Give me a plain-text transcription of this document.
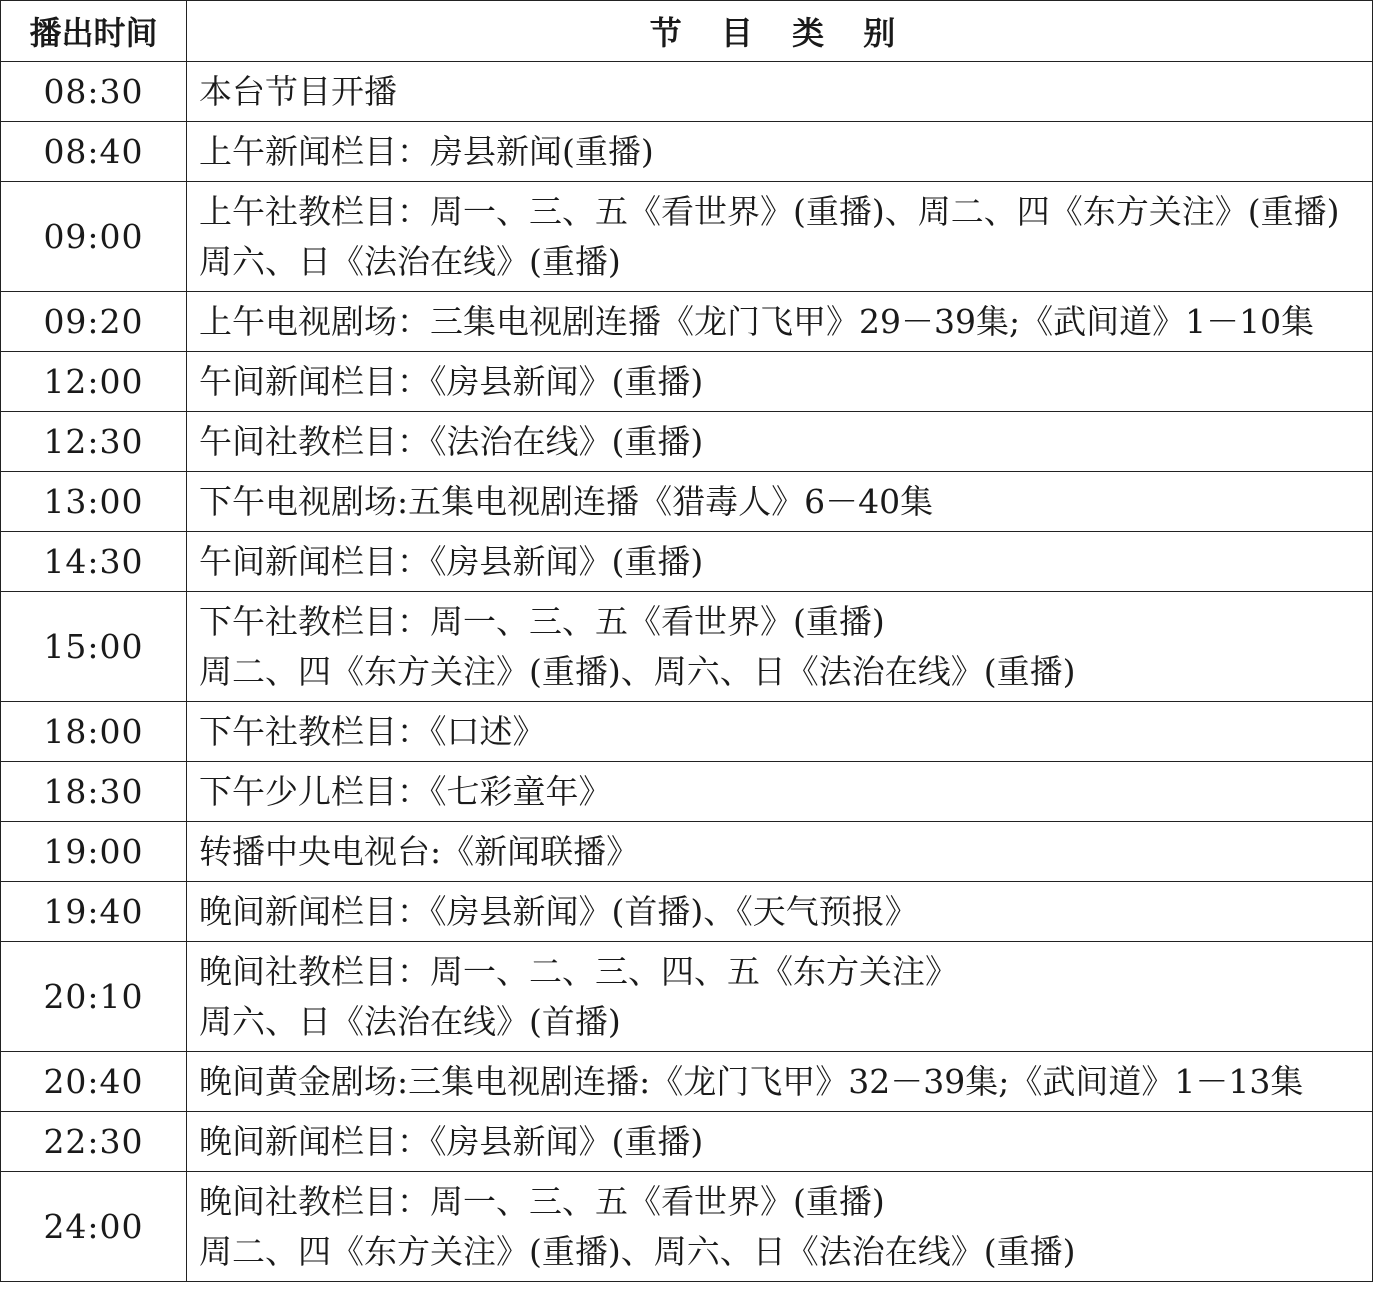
播出时间	节 目 类 别
08:30	本台节目开播

08:40	上午新闻栏目：房县新闻(重播)

09:00	上午社教栏目：周一、三、五《看世界》(重播)、周二、四《东方关注》(重播)
周六、日《法治在线》(重播)

09:20	上午电视剧场：三集电视剧连播《龙门飞甲》29－39集;《武间道》1－10集

12:00	午间新闻栏目：《房县新闻》(重播)

12:30	午间社教栏目：《法治在线》(重播)

13:00	下午电视剧场:五集电视剧连播《猎毒人》6－40集

14:30	午间新闻栏目：《房县新闻》(重播)

15:00	下午社教栏目：周一、三、五《看世界》(重播)
周二、四《东方关注》(重播)、周六、日《法治在线》(重播)

18:00	下午社教栏目：《口述》

18:30	下午少儿栏目：《七彩童年》

19:00	转播中央电视台:《新闻联播》

19:40	晚间新闻栏目：《房县新闻》(首播)、《天气预报》

20:10	晚间社教栏目：周一、二、三、四、五《东方关注》
周六、日《法治在线》(首播)

20:40	晚间黄金剧场:三集电视剧连播:《龙门飞甲》32－39集;《武间道》1－13集

22:30	晚间新闻栏目：《房县新闻》(重播)

24:00	晚间社教栏目：周一、三、五《看世界》(重播)
周二、四《东方关注》(重播)、周六、日《法治在线》(重播)
